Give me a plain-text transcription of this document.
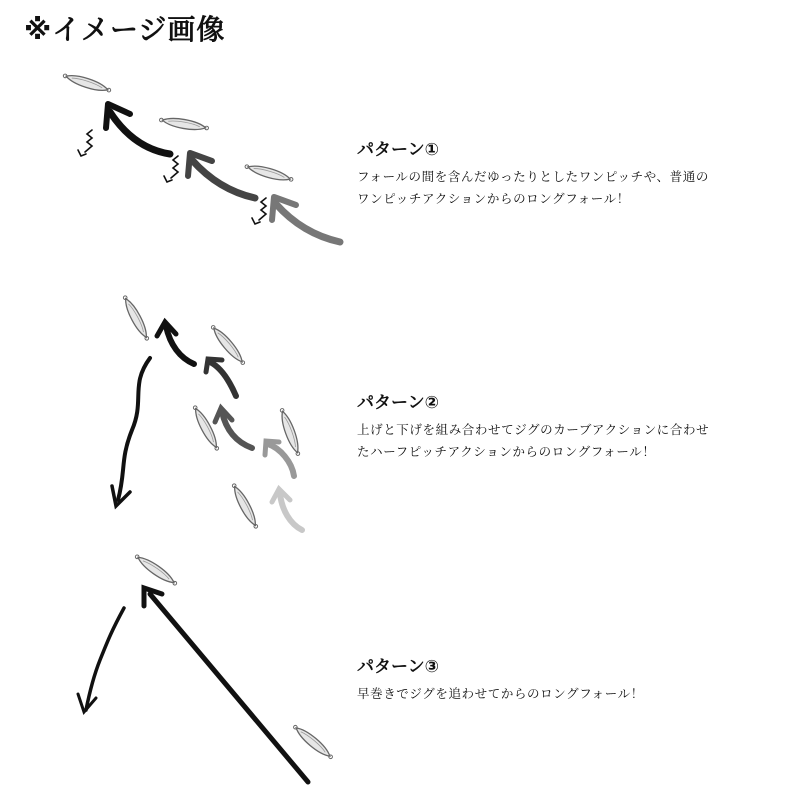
※イメージ画像
パターン①

フォールの間を含んだゆったりとしたワンピッチや、普通の
ワンピッチアクションからのロングフォール！

パターン②

上げと下げを組み合わせてジグのカーブアクションに合わせ
たハーフピッチアクションからのロングフォール！

パターン③

早巻きでジグを追わせてからのロングフォール！
